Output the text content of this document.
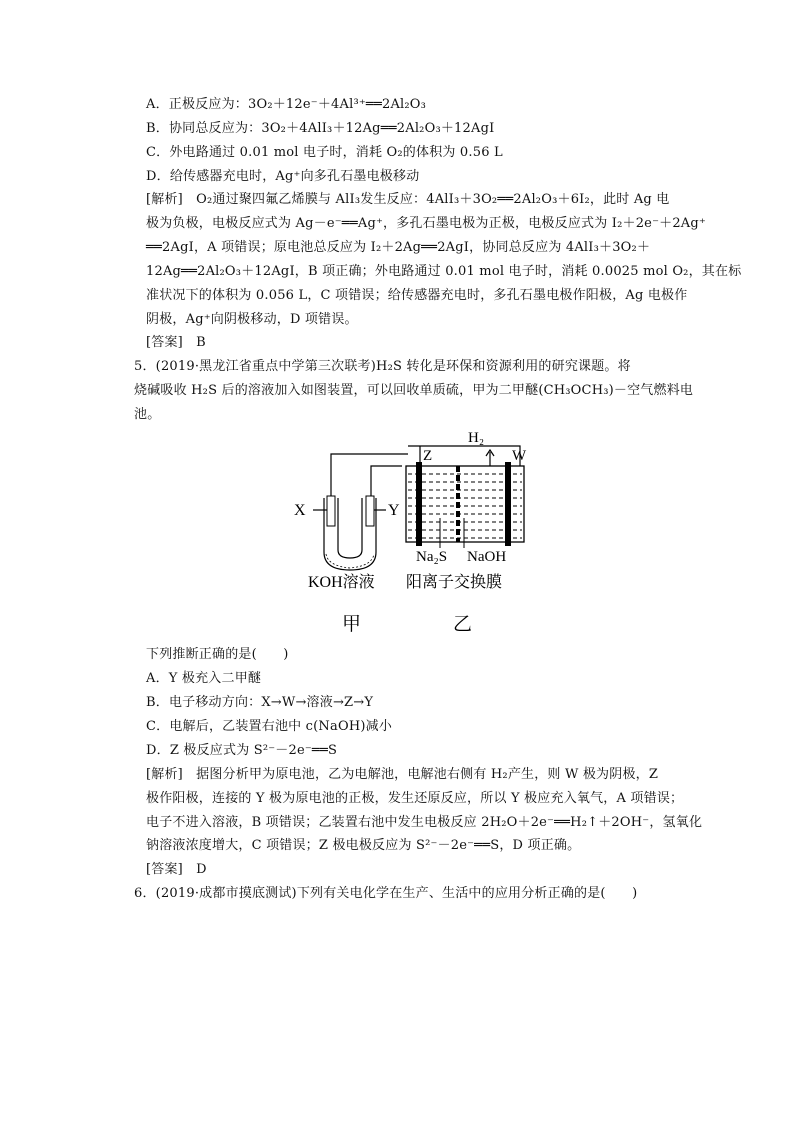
A．正极反应为：3O₂＋12e⁻＋4Al³⁺══2Al₂O₃
B．协同总反应为：3O₂＋4AlI₃＋12Ag══2Al₂O₃＋12AgI
C．外电路通过 0.01 mol 电子时，消耗 O₂的体积为 0.56 L
D．给传感器充电时，Ag⁺向多孔石墨电极移动
[解析]　O₂通过聚四氟乙烯膜与 AlI₃发生反应：4AlI₃＋3O₂══2Al₂O₃＋6I₂，此时 Ag 电
极为负极，电极反应式为 Ag－e⁻══Ag⁺，多孔石墨电极为正极，电极反应式为 I₂＋2e⁻＋2Ag⁺
══2AgI，A 项错误；原电池总反应为 I₂＋2Ag══2AgI，协同总反应为 4AlI₃＋3O₂＋
12Ag══2Al₂O₃＋12AgI，B 项正确；外电路通过 0.01 mol 电子时，消耗 0.0025 mol O₂，其在标
准状况下的体积为 0.056 L，C 项错误；给传感器充电时，多孔石墨电极作阳极，Ag 电极作
阴极，Ag⁺向阴极移动，D 项错误。
[答案]　B
5．(2019·黑龙江省重点中学第三次联考)H₂S 转化是环保和资源利用的研究课题。将
烧碱吸收 H₂S 后的溶液加入如图装置，可以回收单质硫，甲为二甲醚(CH₃OCH₃)－空气燃料电
池。
X	Y
H₂
Z	W
Na₂S NaOH
KOH溶液 阳离子交换膜
甲	乙
下列推断正确的是(　　)
A．Y 极充入二甲醚
B．电子移动方向：X→W→溶液→Z→Y
C．电解后，乙装置右池中 c(NaOH)减小
D．Z 极反应式为 S²⁻－2e⁻══S
[解析]　据图分析甲为原电池，乙为电解池，电解池右侧有 H₂产生，则 W 极为阴极，Z
极作阳极，连接的 Y 极为原电池的正极，发生还原反应，所以 Y 极应充入氧气，A 项错误；
电子不进入溶液，B 项错误；乙装置右池中发生电极反应 2H₂O＋2e⁻══H₂↑＋2OH⁻，氢氧化
钠溶液浓度增大，C 项错误；Z 极电极反应为 S²⁻－2e⁻══S，D 项正确。
[答案]　D
6．(2019·成都市摸底测试)下列有关电化学在生产、生活中的应用分析正确的是(　　)
